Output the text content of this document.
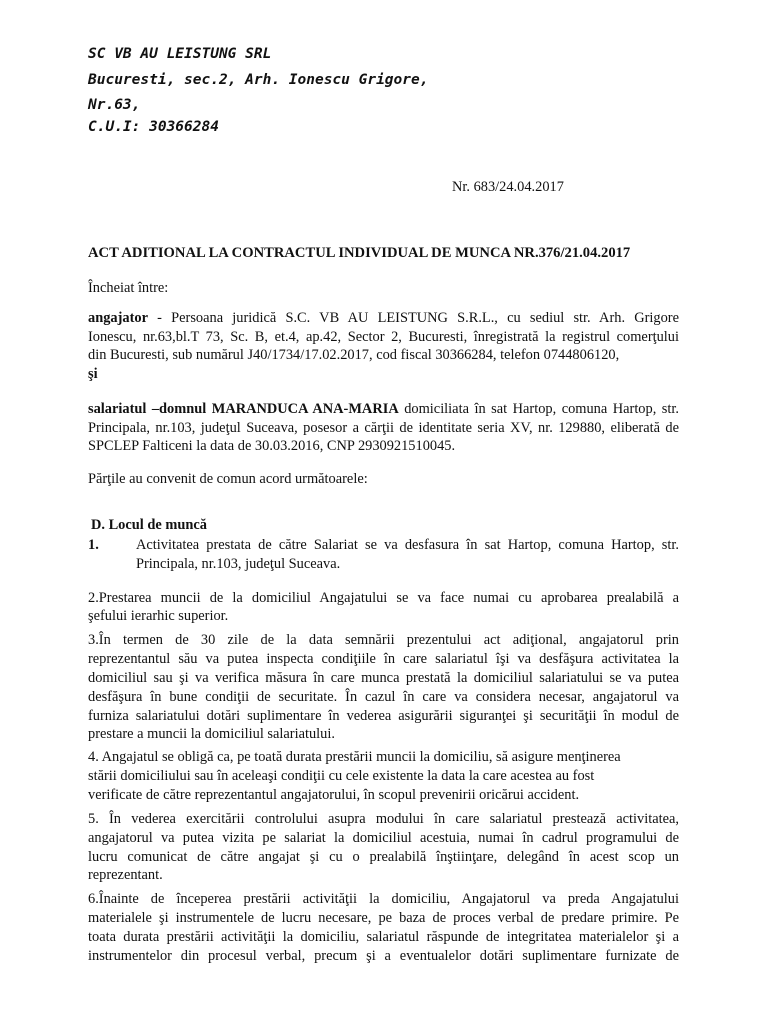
SC VB AU LEISTUNG SRL
Bucuresti, sec.2, Arh. Ionescu Grigore,
Nr.63,
C.U.I: 30366284
Nr. 683/24.04.2017
ACT ADITIONAL LA CONTRACTUL INDIVIDUAL DE MUNCA NR.376/21.04.2017
Încheiat între:
angajator - Persoana juridică S.C. VB AU LEISTUNG S.R.L., cu sediul str. Arh. Grigore
Ionescu, nr.63,bl.T 73, Sc. B, et.4, ap.42, Sector 2, Bucuresti, înregistrată la registrul comerţului
din Bucuresti, sub numărul J40/1734/17.02.2017, cod fiscal 30366284, telefon 0744806120,
şi
salariatul –domnul MARANDUCA ANA-MARIA domiciliata în sat Hartop, comuna Hartop, str.
Principala, nr.103, judeţul Suceava, posesor a cărţii de identitate seria XV, nr. 129880, eliberată de
SPCLEP Falticeni la data de 30.03.2016, CNP 2930921510045.
Părţile au convenit de comun acord următoarele:
D. Locul de muncă
1.	Activitatea prestata de către Salariat se va desfasura în sat Hartop, comuna Hartop, str.
Principala, nr.103, judeţul Suceava.
2.Prestarea muncii de la domiciliul Angajatului se va face numai cu aprobarea prealabilă a
şefului ierarhic superior.
3.În termen de 30 zile de la data semnării prezentului act adiţional, angajatorul prin
reprezentantul său va putea inspecta condiţiile în care salariatul îşi va desfăşura activitatea la
domiciliul sau şi va verifica măsura în care munca prestată la domiciliul salariatului se va putea
desfăşura în bune condiţii de securitate. În cazul în care va considera necesar, angajatorul va
furniza salariatului dotări suplimentare în vederea asigurării siguranţei şi securităţii în modul de
prestare a muncii la domiciliul salariatului.
4. Angajatul se obligă ca, pe toată durata prestării muncii la domiciliu, să asigure menţinerea
stării domiciliului sau în aceleaşi condiţii cu cele existente la data la care acestea au fost
verificate de către reprezentantul angajatorului, în scopul prevenirii oricărui accident.
5. În vederea exercitării controlului asupra modului în care salariatul prestează activitatea,
angajatorul va putea vizita pe salariat la domiciliul acestuia, numai în cadrul programului de
lucru comunicat de către angajat şi cu o prealabilă înştiinţare, delegând în acest scop un
reprezentant.
6.Înainte de începerea prestării activităţii la domiciliu, Angajatorul va preda Angajatului
materialele şi instrumentele de lucru necesare, pe baza de proces verbal de predare primire. Pe
toata durata prestării activităţii la domiciliu, salariatul răspunde de integritatea materialelor şi a
instrumentelor din procesul verbal, precum şi a eventualelor dotări suplimentare furnizate de
